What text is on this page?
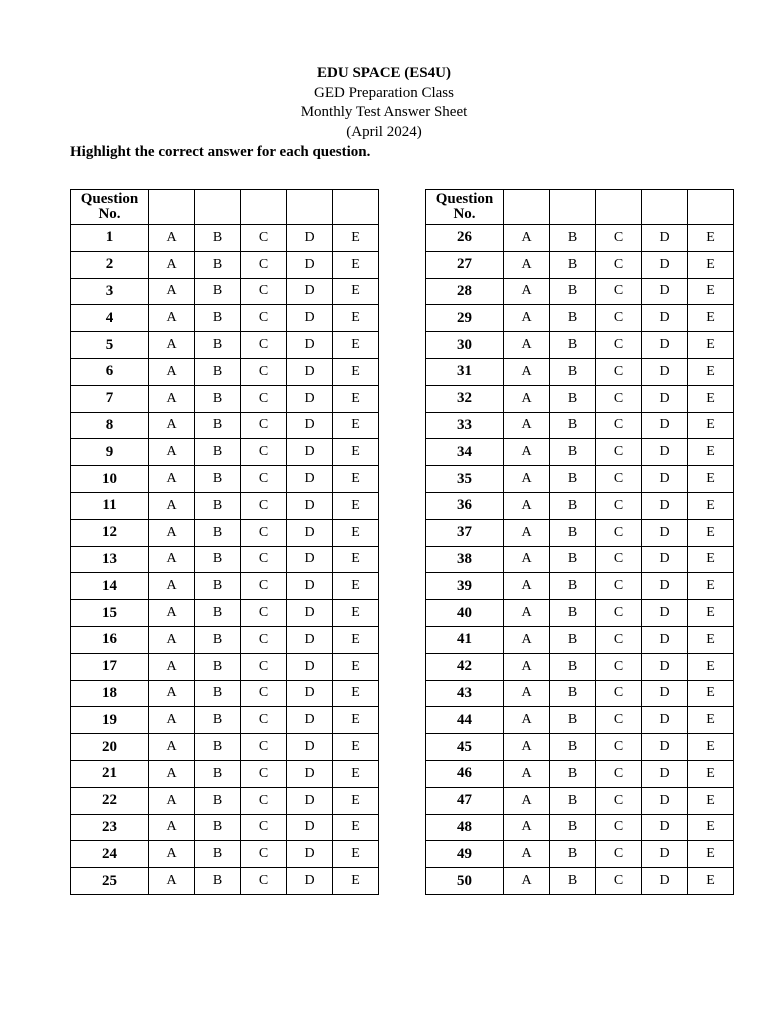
EDU SPACE (ES4U)
GED Preparation Class
Monthly Test Answer Sheet
(April 2024)
Highlight the correct answer for each question.
Question No.					
1	A	B	C	D	E
2	A	B	C	D	E
3	A	B	C	D	E
4	A	B	C	D	E
5	A	B	C	D	E
6	A	B	C	D	E
7	A	B	C	D	E
8	A	B	C	D	E
9	A	B	C	D	E
10	A	B	C	D	E
11	A	B	C	D	E
12	A	B	C	D	E
13	A	B	C	D	E
14	A	B	C	D	E
15	A	B	C	D	E
16	A	B	C	D	E
17	A	B	C	D	E
18	A	B	C	D	E
19	A	B	C	D	E
20	A	B	C	D	E
21	A	B	C	D	E
22	A	B	C	D	E
23	A	B	C	D	E
24	A	B	C	D	E
25	A	B	C	D	E
Question No.					
26	A	B	C	D	E
27	A	B	C	D	E
28	A	B	C	D	E
29	A	B	C	D	E
30	A	B	C	D	E
31	A	B	C	D	E
32	A	B	C	D	E
33	A	B	C	D	E
34	A	B	C	D	E
35	A	B	C	D	E
36	A	B	C	D	E
37	A	B	C	D	E
38	A	B	C	D	E
39	A	B	C	D	E
40	A	B	C	D	E
41	A	B	C	D	E
42	A	B	C	D	E
43	A	B	C	D	E
44	A	B	C	D	E
45	A	B	C	D	E
46	A	B	C	D	E
47	A	B	C	D	E
48	A	B	C	D	E
49	A	B	C	D	E
50	A	B	C	D	E
